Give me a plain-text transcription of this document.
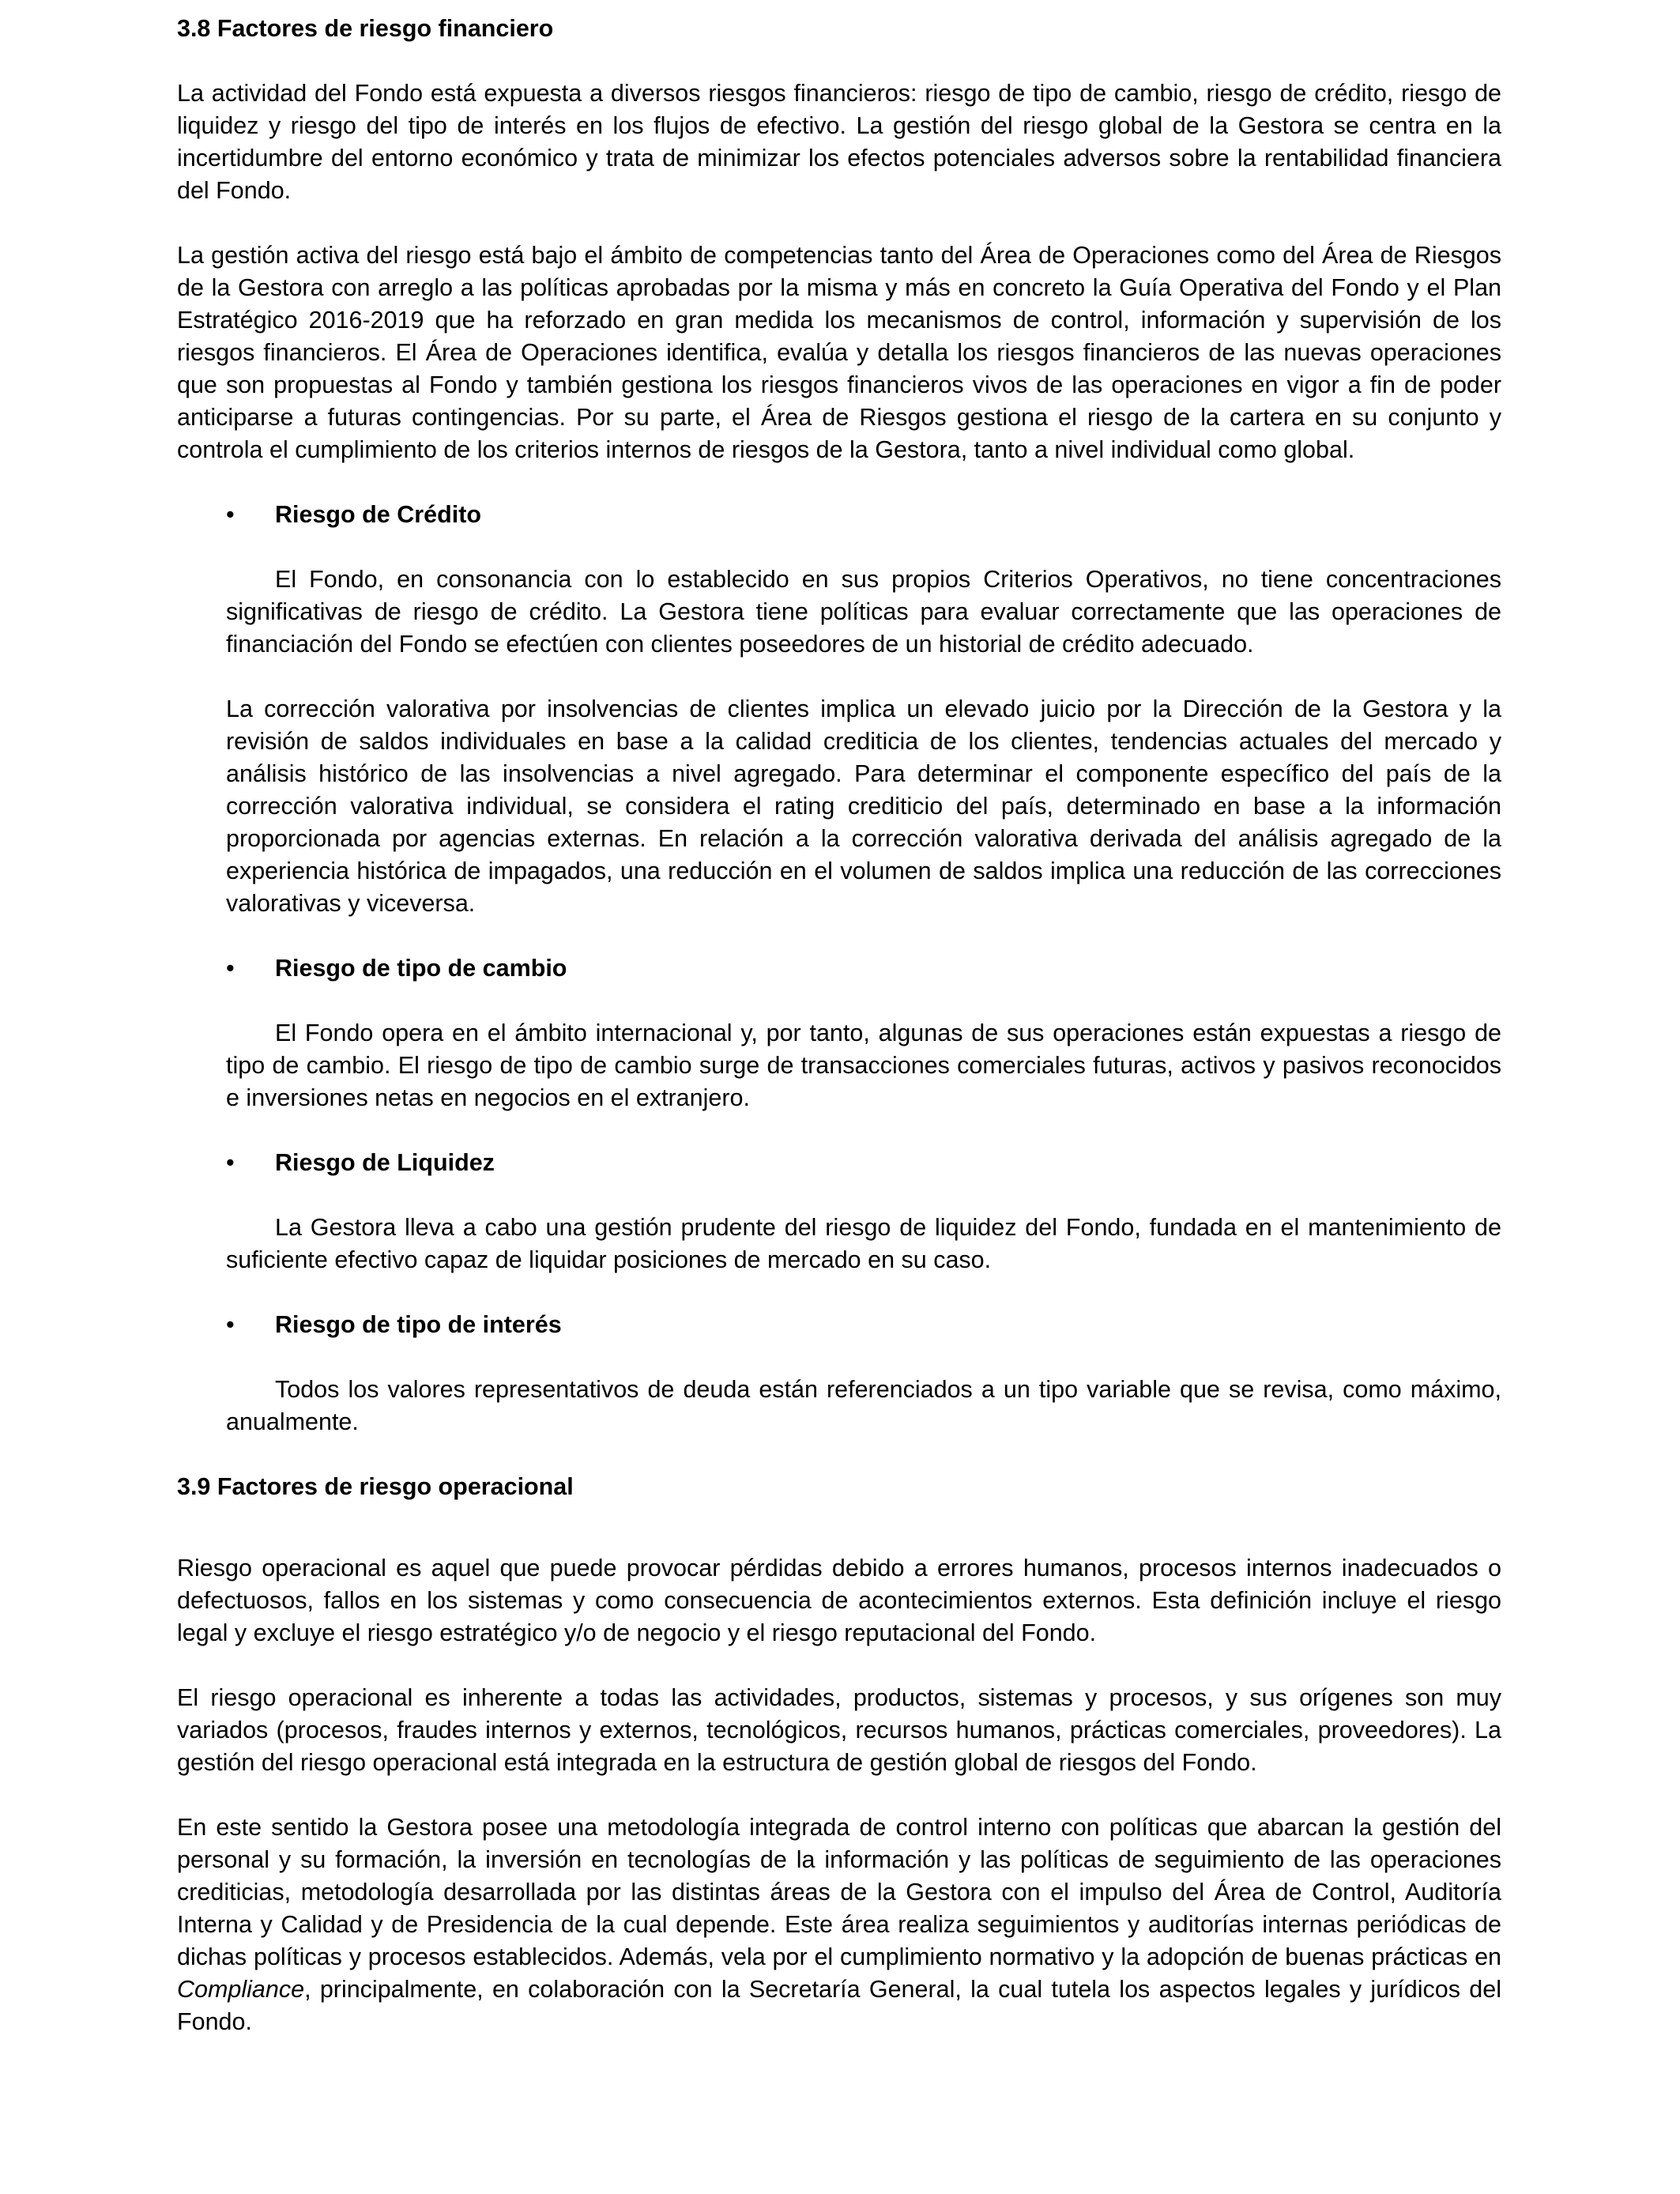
3.8 Factores de riesgo financiero

La actividad del Fondo está expuesta a diversos riesgos financieros: riesgo de tipo de cambio, riesgo de crédito, riesgo de liquidez y riesgo del tipo de interés en los flujos de efectivo. La gestión del riesgo global de la Gestora se centra en la incertidumbre del entorno económico y trata de minimizar los efectos potenciales adversos sobre la rentabilidad financiera del Fondo.

La gestión activa del riesgo está bajo el ámbito de competencias tanto del Área de Operaciones como del Área de Riesgos de la Gestora con arreglo a las políticas aprobadas por la misma y más en concreto la Guía Operativa del Fondo y el Plan Estratégico 2016-2019 que ha reforzado en gran medida los mecanismos de control, información y supervisión de los riesgos financieros. El Área de Operaciones identifica, evalúa y detalla los riesgos financieros de las nuevas operaciones que son propuestas al Fondo y también gestiona los riesgos financieros vivos de las operaciones en vigor a fin de poder anticiparse a futuras contingencias. Por su parte, el Área de Riesgos gestiona el riesgo de la cartera en su conjunto y controla el cumplimiento de los criterios internos de riesgos de la Gestora, tanto a nivel individual como global.

• Riesgo de Crédito

El Fondo, en consonancia con lo establecido en sus propios Criterios Operativos, no tiene concentraciones significativas de riesgo de crédito. La Gestora tiene políticas para evaluar correctamente que las operaciones de financiación del Fondo se efectúen con clientes poseedores de un historial de crédito adecuado.

La corrección valorativa por insolvencias de clientes implica un elevado juicio por la Dirección de la Gestora y la revisión de saldos individuales en base a la calidad crediticia de los clientes, tendencias actuales del mercado y análisis histórico de las insolvencias a nivel agregado. Para determinar el componente específico del país de la corrección valorativa individual, se considera el rating crediticio del país, determinado en base a la información proporcionada por agencias externas. En relación a la corrección valorativa derivada del análisis agregado de la experiencia histórica de impagados, una reducción en el volumen de saldos implica una reducción de las correcciones valorativas y viceversa.

• Riesgo de tipo de cambio

El Fondo opera en el ámbito internacional y, por tanto, algunas de sus operaciones están expuestas a riesgo de tipo de cambio. El riesgo de tipo de cambio surge de transacciones comerciales futuras, activos y pasivos reconocidos e inversiones netas en negocios en el extranjero.

• Riesgo de Liquidez

La Gestora lleva a cabo una gestión prudente del riesgo de liquidez del Fondo, fundada en el mantenimiento de suficiente efectivo capaz de liquidar posiciones de mercado en su caso.

• Riesgo de tipo de interés

Todos los valores representativos de deuda están referenciados a un tipo variable que se revisa, como máximo, anualmente.

3.9 Factores de riesgo operacional

Riesgo operacional es aquel que puede provocar pérdidas debido a errores humanos, procesos internos inadecuados o defectuosos, fallos en los sistemas y como consecuencia de acontecimientos externos. Esta definición incluye el riesgo legal y excluye el riesgo estratégico y/o de negocio y el riesgo reputacional del Fondo.

El riesgo operacional es inherente a todas las actividades, productos, sistemas y procesos, y sus orígenes son muy variados (procesos, fraudes internos y externos, tecnológicos, recursos humanos, prácticas comerciales, proveedores). La gestión del riesgo operacional está integrada en la estructura de gestión global de riesgos del Fondo.

En este sentido la Gestora posee una metodología integrada de control interno con políticas que abarcan la gestión del personal y su formación, la inversión en tecnologías de la información y las políticas de seguimiento de las operaciones crediticias, metodología desarrollada por las distintas áreas de la Gestora con el impulso del Área de Control, Auditoría Interna y Calidad y de Presidencia de la cual depende. Este área realiza seguimientos y auditorías internas periódicas de dichas políticas y procesos establecidos. Además, vela por el cumplimiento normativo y la adopción de buenas prácticas en Compliance, principalmente, en colaboración con la Secretaría General, la cual tutela los aspectos legales y jurídicos del Fondo.
